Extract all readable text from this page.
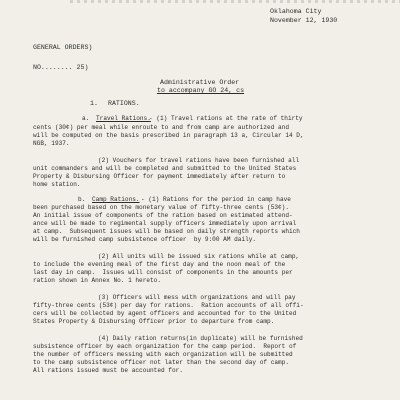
Oklahoma City
November 12, 1930
GENERAL ORDERS)
NO........ 25)
Administrative Order
to accompany GO 24, cs
1. RATIONS.
a. Travel Rations.
- (1) Travel rations at the rate of thirty
cents (30¢) per meal while enroute to and from camp are authorized and
will be computed on the basis prescribed in paragraph 13 a, Circular 14 D,
NGB, 1937.
(2) Vouchers for travel rations have been furnished all
unit commanders and will be completed and submitted to the United States
Property & Disbursing Officer for payment immediately after return to
home station.
b. Camp Rations. - (1) Rations for the period in camp have
been purchased based on the monetary value of fifty-three cents (53¢).
An initial issue of components of the ration based on estimated attend-
ance will be made to regimental supply officers immediately upon arrival
at camp.  Subsequent issues will be based on daily strength reports which
will be furnished camp subsistence officer  by 9:00 AM daily.
(2) All units will be issued six rations while at camp,
to include the evening meal of the first day and the noon meal of the
last day in camp.  Issues will consist of components in the amounts per
ration shown in Annex No. 1 hereto.
(3) Officers will mess with organizations and will pay
fifty-three cents (53¢) per day for rations.  Ration accounts of all offi-
cers will be collected by agent officers and accounted for to the United
States Property & Disbursing Officer prior to departure from camp.
(4) Daily ration returns(in duplicate) will be furnished
subsistence officer by each organization for the camp period.  Report of
the number of officers messing with each organization will be submitted
to the camp subsistence officer not later than the second day of camp.
All rations issued must be accounted for.
